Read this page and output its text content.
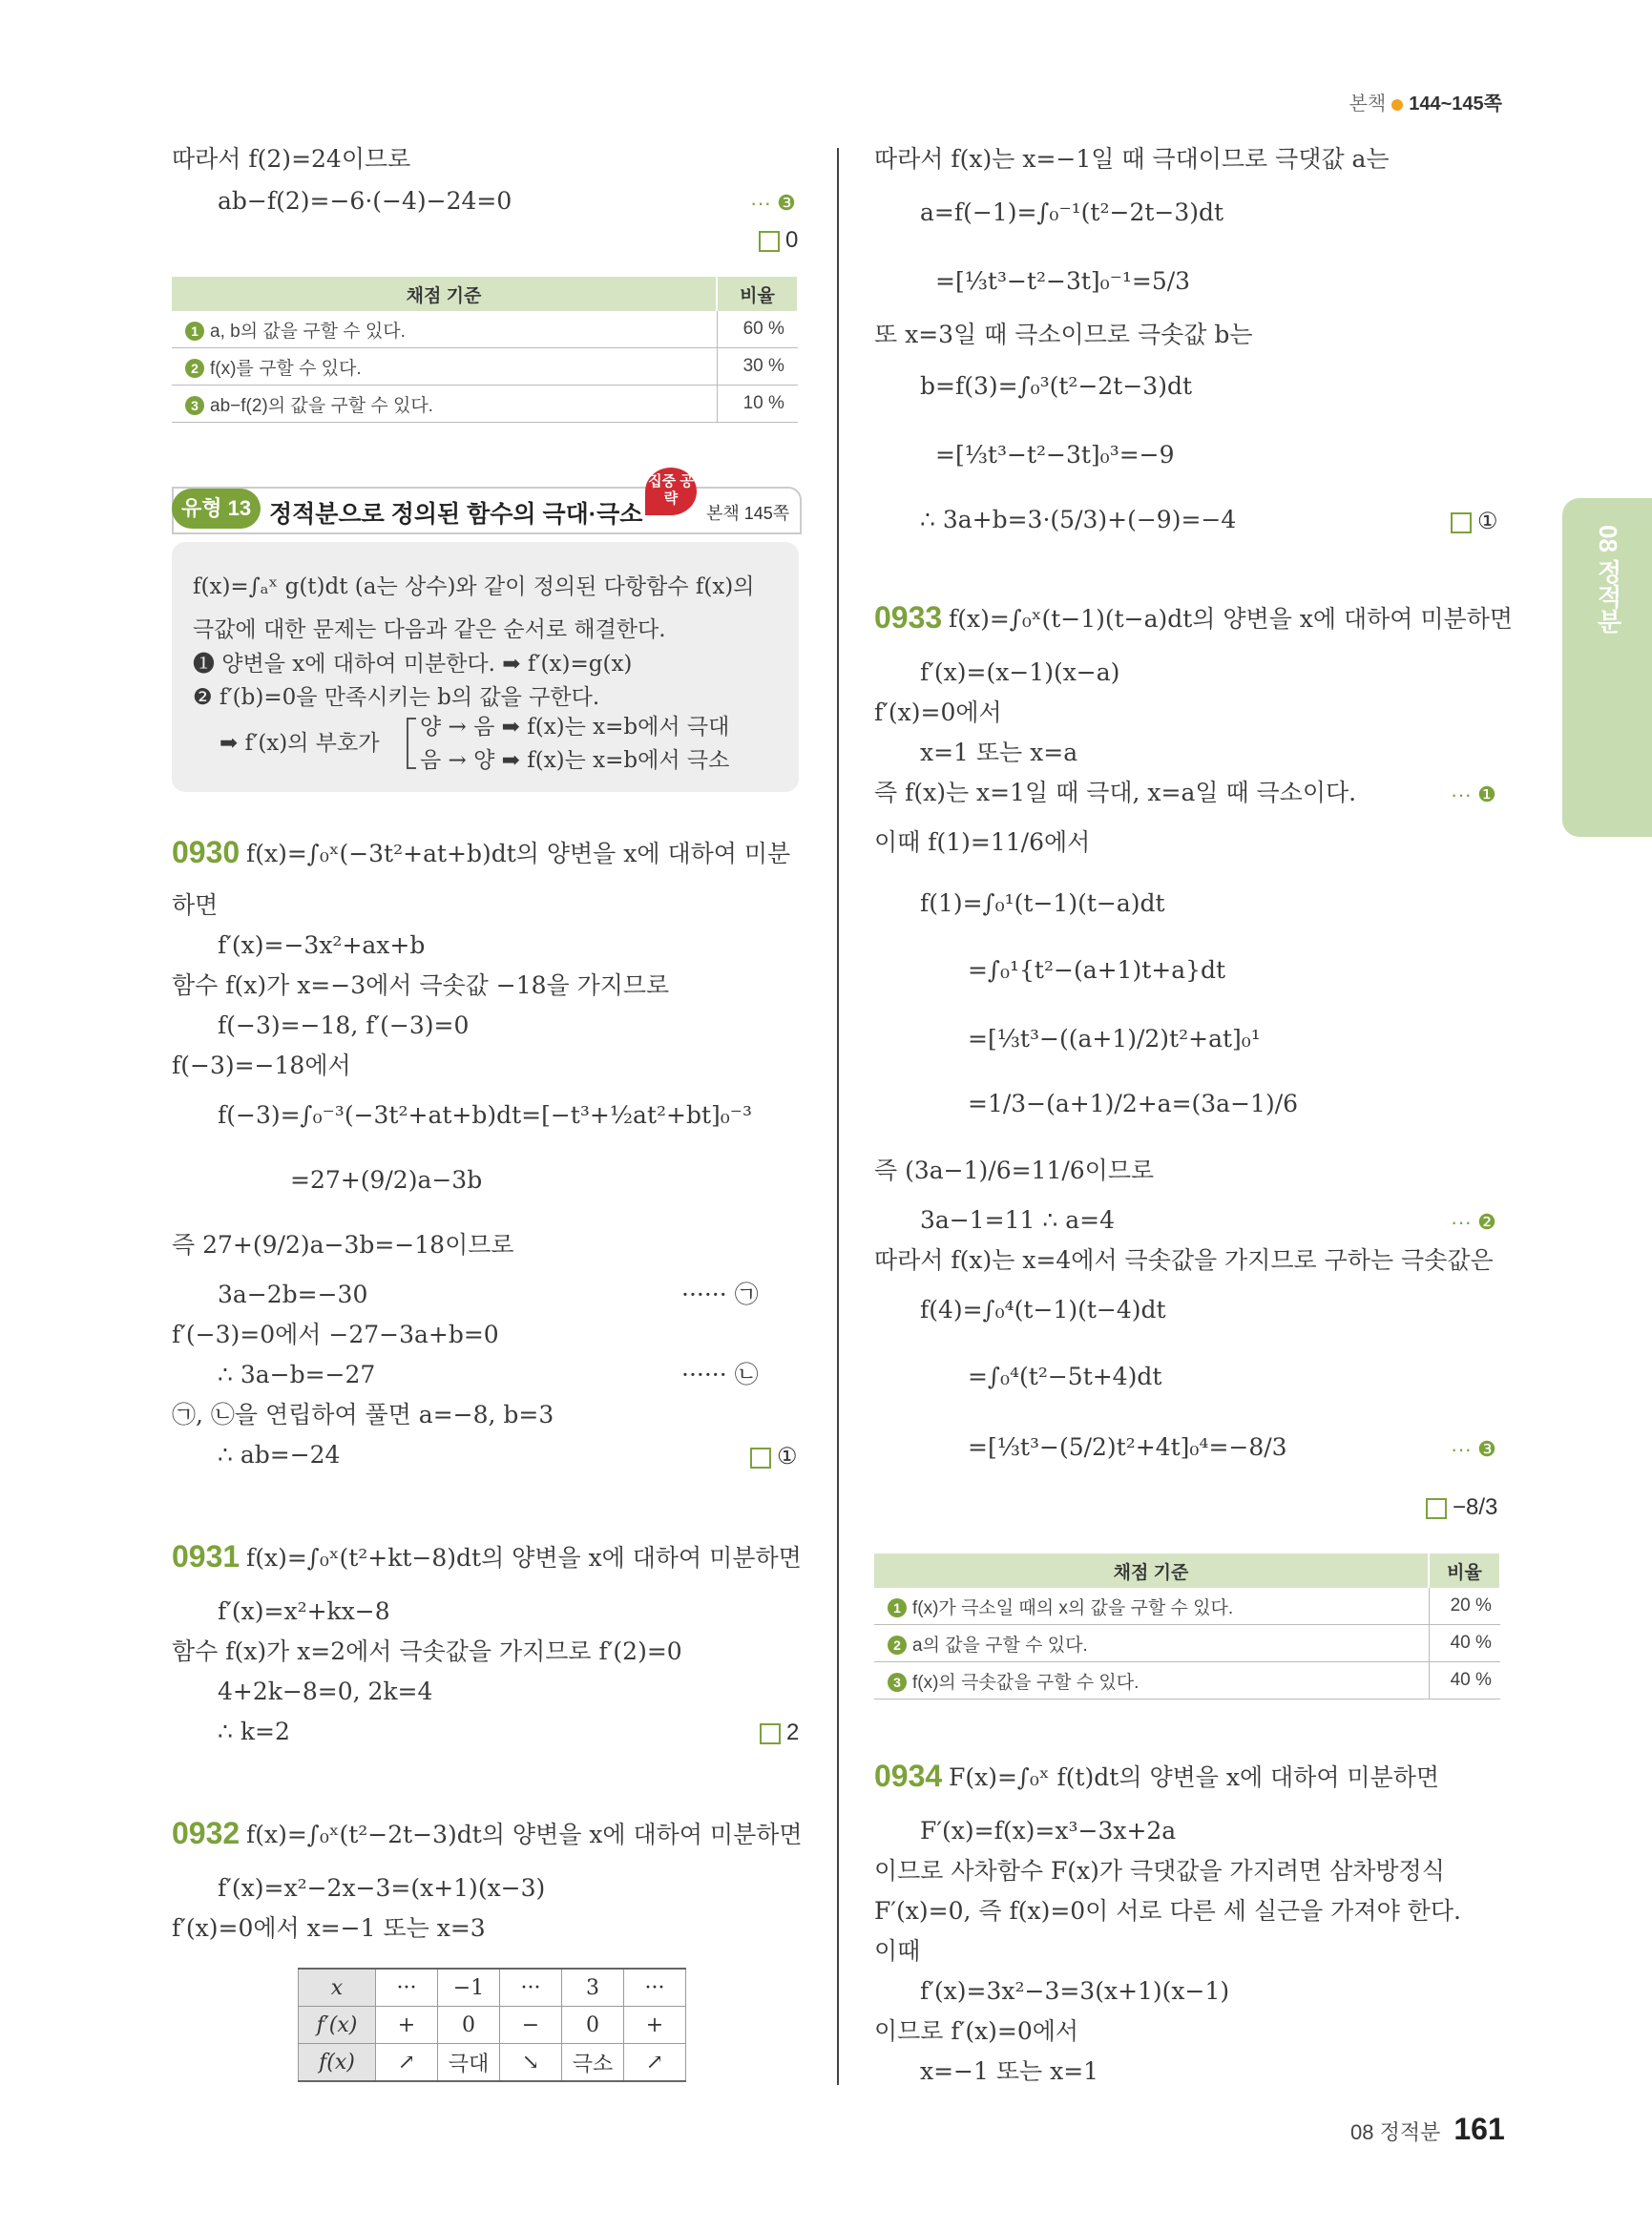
본책 144~145쪽
08 정적분
따라서 f(2)=24이므로
ab−f(2)=−6·(−4)−24=0	··· ❸
0
채점 기준	비율
1 a, b의 값을 구할 수 있다.	60 %
2 f(x)를 구할 수 있다.	30 %
3 ab−f(2)의 값을 구할 수 있다.	10 %
유형 13 정적분으로 정의된 함수의 극대·극소
집중 공략
본책 145쪽
f(x)=∫ₐˣ g(t)dt (a는 상수)와 같이 정의된 다항함수 f(x)의
극값에 대한 문제는 다음과 같은 순서로 해결한다.
❶ 양변을 x에 대하여 미분한다. ➡ f′(x)=g(x)
❷ f′(b)=0을 만족시키는 b의 값을 구한다.
➡ f′(x)의 부호가
양 → 음 ➡ f(x)는 x=b에서 극대
음 → 양 ➡ f(x)는 x=b에서 극소
0930 f(x)=∫₀ˣ(−3t²+at+b)dt의 양변을 x에 대하여 미분
하면
f′(x)=−3x²+ax+b
함수 f(x)가 x=−3에서 극솟값 −18을 가지므로
f(−3)=−18, f′(−3)=0
f(−3)=−18에서
f(−3)=∫₀⁻³(−3t²+at+b)dt=[−t³+½at²+bt]₀⁻³
=27+(9/2)a−3b
즉 27+(9/2)a−3b=−18이므로
3a−2b=−30	······ ㉠
f′(−3)=0에서 −27−3a+b=0
∴ 3a−b=−27	······ ㉡
㉠, ㉡을 연립하여 풀면 a=−8, b=3
∴ ab=−24	①
0931 f(x)=∫₀ˣ(t²+kt−8)dt의 양변을 x에 대하여 미분하면
f′(x)=x²+kx−8
함수 f(x)가 x=2에서 극솟값을 가지므로 f′(2)=0
4+2k−8=0, 2k=4
∴ k=2	2
0932 f(x)=∫₀ˣ(t²−2t−3)dt의 양변을 x에 대하여 미분하면
f′(x)=x²−2x−3=(x+1)(x−3)
f′(x)=0에서 x=−1 또는 x=3
x	···	−1	···	3	···
f′(x)	+	0	−	0	+
f(x)	↗	극대	↘	극소	↗
따라서 f(x)는 x=−1일 때 극대이므로 극댓값 a는
a=f(−1)=∫₀⁻¹(t²−2t−3)dt
=[⅓t³−t²−3t]₀⁻¹=5/3
또 x=3일 때 극소이므로 극솟값 b는
b=f(3)=∫₀³(t²−2t−3)dt
=[⅓t³−t²−3t]₀³=−9
∴ 3a+b=3·(5/3)+(−9)=−4	①
0933 f(x)=∫₀ˣ(t−1)(t−a)dt의 양변을 x에 대하여 미분하면
f′(x)=(x−1)(x−a)
f′(x)=0에서
x=1 또는 x=a
즉 f(x)는 x=1일 때 극대, x=a일 때 극소이다.	··· ❶
이때 f(1)=11/6에서
f(1)=∫₀¹(t−1)(t−a)dt
=∫₀¹{t²−(a+1)t+a}dt
=[⅓t³−((a+1)/2)t²+at]₀¹
=1/3−(a+1)/2+a=(3a−1)/6
즉 (3a−1)/6=11/6이므로
3a−1=11 ∴ a=4	··· ❷
따라서 f(x)는 x=4에서 극솟값을 가지므로 구하는 극솟값은
f(4)=∫₀⁴(t−1)(t−4)dt
=∫₀⁴(t²−5t+4)dt
=[⅓t³−(5/2)t²+4t]₀⁴=−8/3	··· ❸
−8/3
채점 기준	비율
1 f(x)가 극소일 때의 x의 값을 구할 수 있다.	20 %
2 a의 값을 구할 수 있다.	40 %
3 f(x)의 극솟값을 구할 수 있다.	40 %
0934 F(x)=∫₀ˣ f(t)dt의 양변을 x에 대하여 미분하면
F′(x)=f(x)=x³−3x+2a
이므로 사차함수 F(x)가 극댓값을 가지려면 삼차방정식
F′(x)=0, 즉 f(x)=0이 서로 다른 세 실근을 가져야 한다.
이때
f′(x)=3x²−3=3(x+1)(x−1)
이므로 f′(x)=0에서
x=−1 또는 x=1
08 정적분 161
